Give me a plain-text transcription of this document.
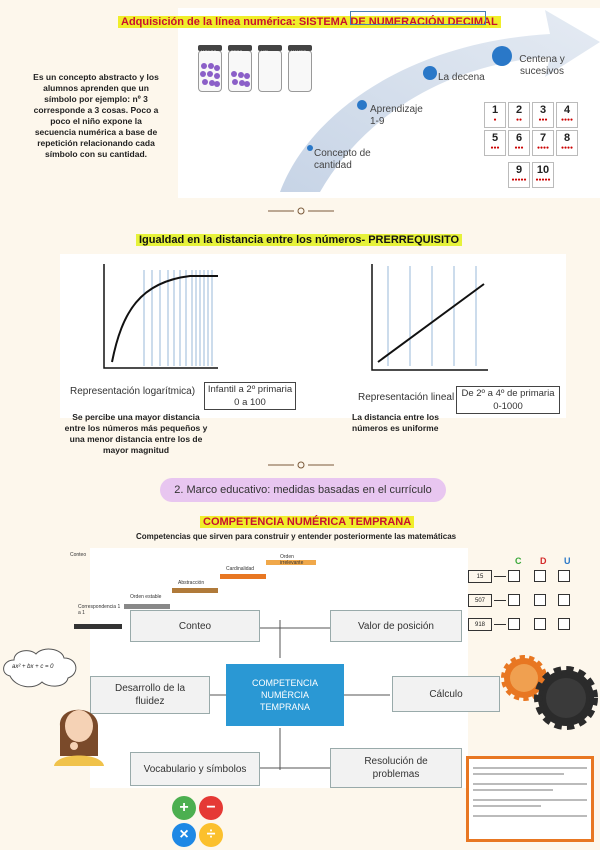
Adquisición de la línea numérica: SISTEMA DE NUMERACIÓN DECIMAL
Es un concepto abstracto y los alumnos aprenden que un símbolo por ejemplo: nº 3 corresponde a 3 cosas. Poco a poco el niño expone la secuencia numérica a base de repetición relacionando cada símbolo con su cantidad.
MONOS	PERO	LIBI	MAMBO
Concepto de cantidad
Aprendizaje 1-9
La decena
Centena y sucesivos
1
●
2
●●
3
●●●
4
●●●●
5
●●●
6
●●●
7
●●●●
8
●●●●
9
●●●●●
10
●●●●●
Igualdad en la distancia entre los números- PRERREQUISITO
Representación logarítmica)	Infantil a 2º primaria
0 a 100
Se percibe una mayor distancia entre los números más pequeños y una menor distancia entre los de mayor magnitud
Representación lineal De 2º a 4º de primaria
0-1000
La distancia entre los números es uniforme
2. Marco educativo: medidas basadas en el currículo
COMPETENCIA NUMÉRICA TEMPRANA
Competencias que sirven para construir y entender posteriormente las matemáticas
Conteo
Correspondencia 1 a 1
Orden estable
Abstracción
Cardinalidad
Orden irrelevante
Conteo	Valor de posición
Desarrollo de la fluidez
COMPETENCIA NUMÉRCIA TEMPRANA
Cálculo
Vocabulario y símbolos
Resolución de problemas
C D U
15
507
918
ax² + bx + c = 0
+	−
×	÷
